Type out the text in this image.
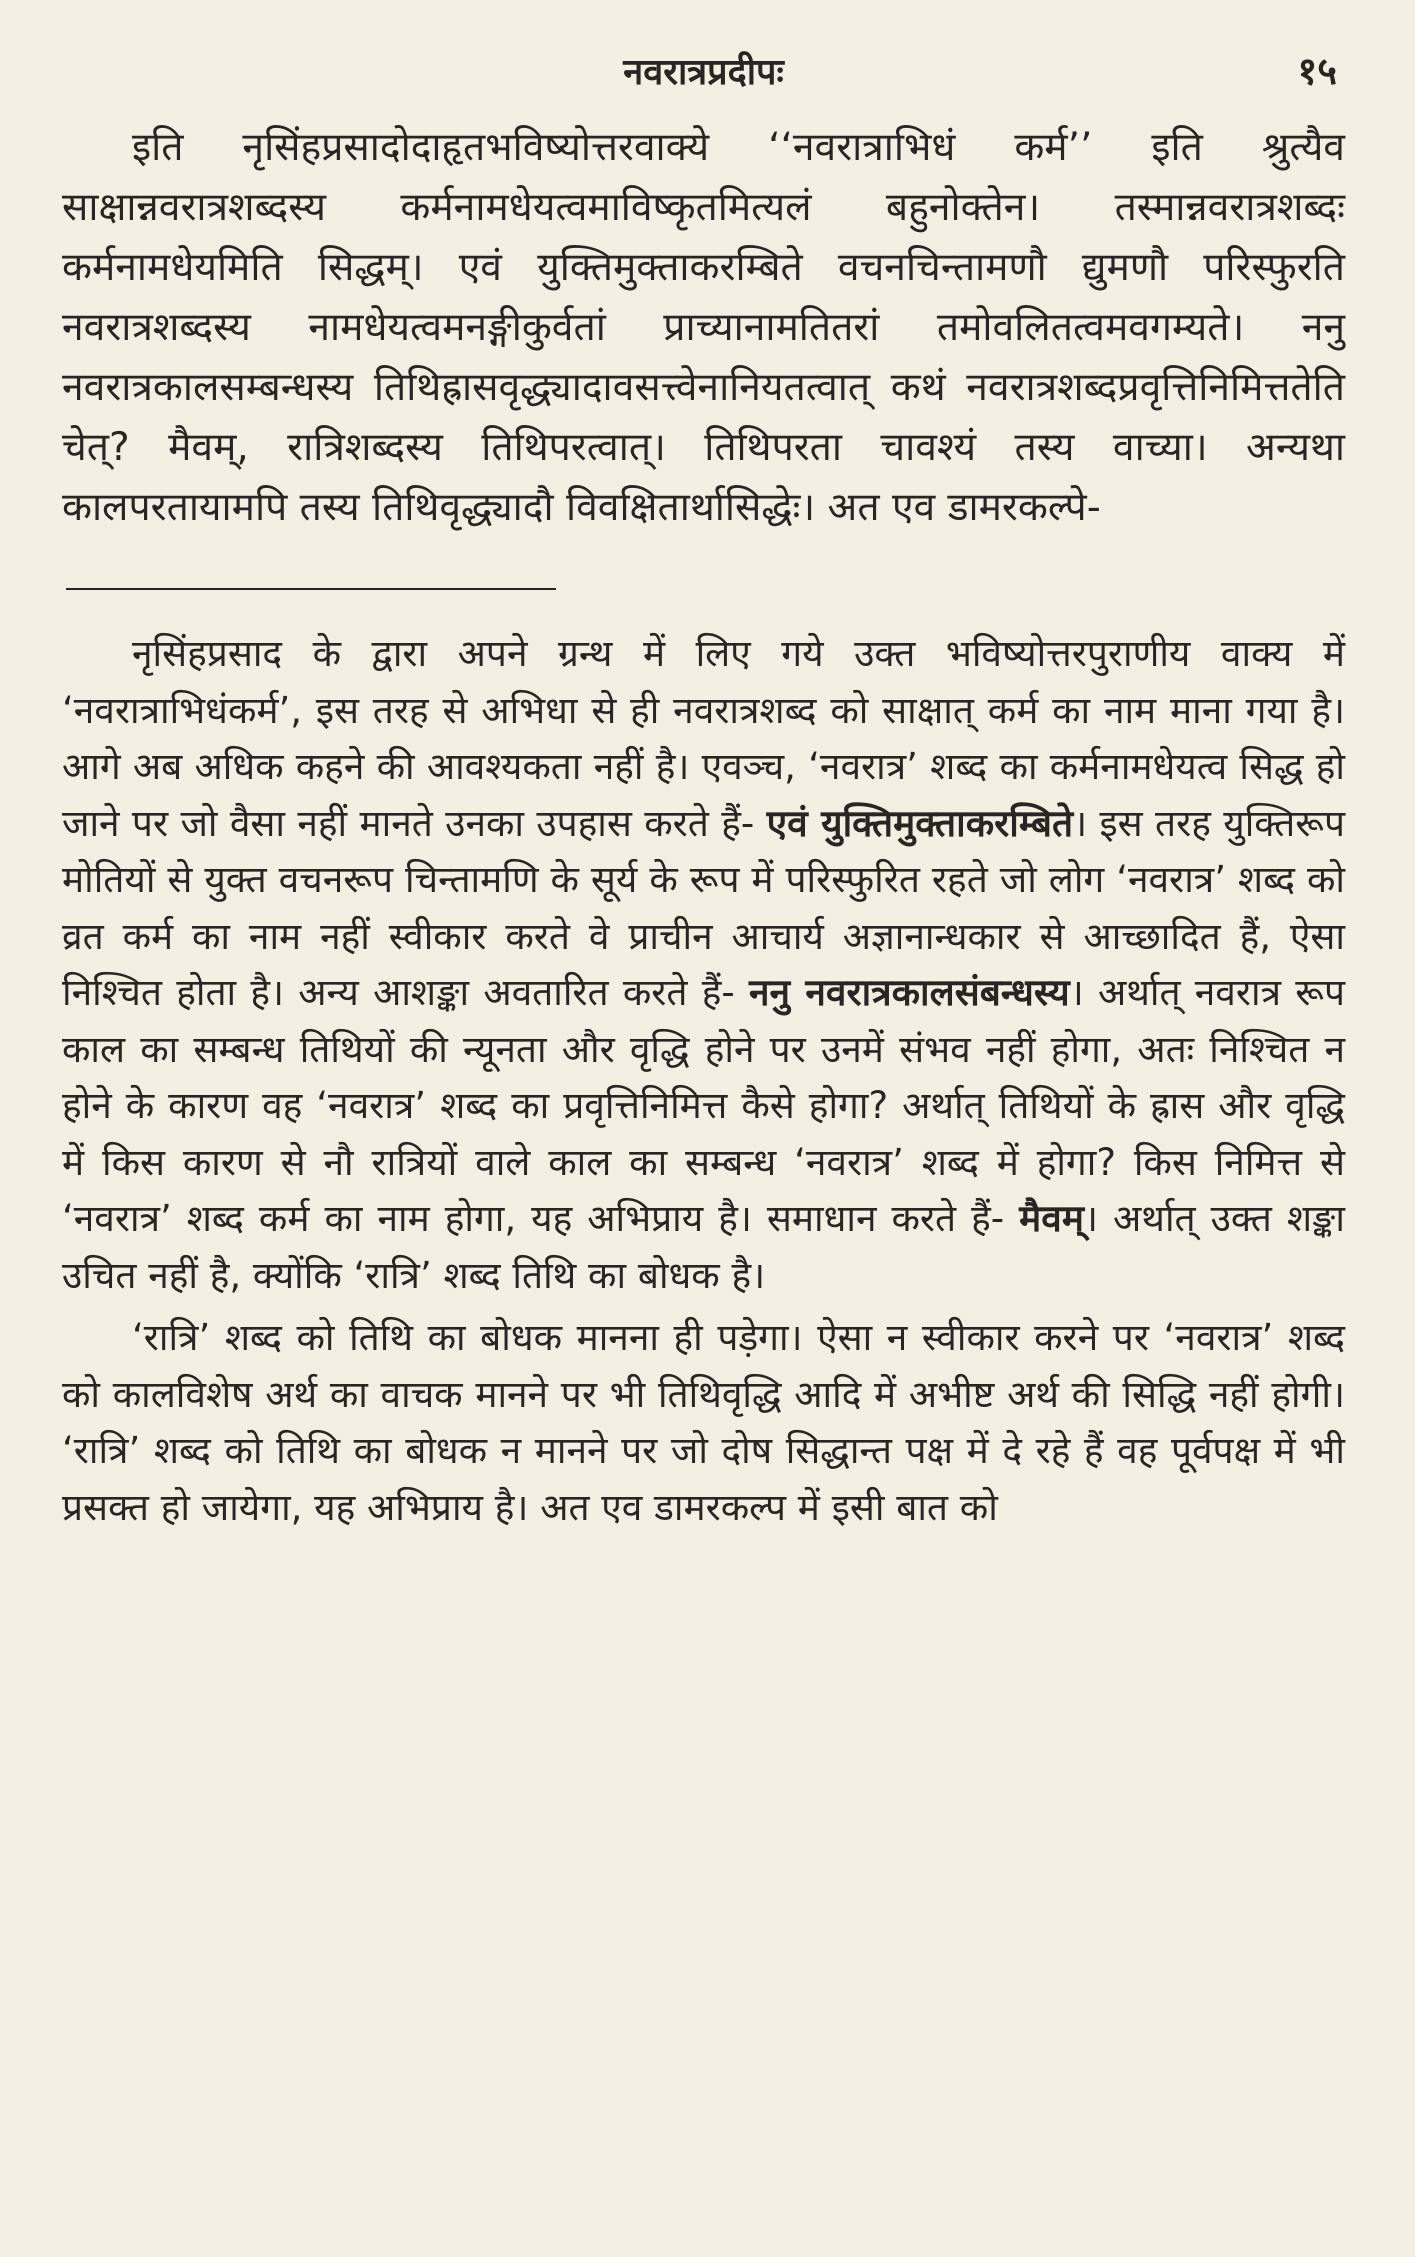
नवरात्रप्रदीपः	१५

इति नृसिंहप्रसादोदाहृतभविष्योत्तरवाक्ये ‘‘नवरात्राभिधं कर्म’’ इति श्रुत्यैव साक्षान्नवरात्रशब्दस्य कर्मनामधेयत्वमाविष्कृतमित्यलं बहुनोक्तेन। तस्मान्नवरात्रशब्दः कर्मनामधेयमिति सिद्धम्। एवं युक्तिमुक्ताकरम्बिते वचनचिन्तामणौ द्युमणौ परिस्फुरति नवरात्रशब्दस्य नामधेयत्वमनङ्गीकुर्वतां प्राच्यानामतितरां तमोवलितत्वमवगम्यते। ननु नवरात्रकालसम्बन्धस्य तिथिह्रासवृद्ध्यादावसत्त्वेनानियतत्वात् कथं नवरात्रशब्दप्रवृत्तिनिमित्ततेति चेत्? मैवम्, रात्रिशब्दस्य तिथिपरत्वात्। तिथिपरता चावश्यं तस्य वाच्या। अन्यथा कालपरतायामपि तस्य तिथिवृद्ध्यादौ विवक्षितार्थासिद्धेः। अत एव डामरकल्पे-

नृसिंहप्रसाद के द्वारा अपने ग्रन्थ में लिए गये उक्त भविष्योत्तरपुराणीय वाक्य में ‘नवरात्राभिधंकर्म’, इस तरह से अभिधा से ही नवरात्रशब्द को साक्षात् कर्म का नाम माना गया है। आगे अब अधिक कहने की आवश्यकता नहीं है। एवञ्च, ‘नवरात्र’ शब्द का कर्मनामधेयत्व सिद्ध हो जाने पर जो वैसा नहीं मानते उनका उपहास करते हैं- एवं युक्तिमुक्ताकरम्बिते। इस तरह युक्तिरूप मोतियों से युक्त वचनरूप चिन्तामणि के सूर्य के रूप में परिस्फुरित रहते जो लोग ‘नवरात्र’ शब्द को व्रत कर्म का नाम नहीं स्वीकार करते वे प्राचीन आचार्य अज्ञानान्धकार से आच्छादित हैं, ऐसा निश्चित होता है। अन्य आशङ्का अवतारित करते हैं- ननु नवरात्रकालसंबन्धस्य। अर्थात् नवरात्र रूप काल का सम्बन्ध तिथियों की न्यूनता और वृद्धि होने पर उनमें संभव नहीं होगा, अतः निश्चित न होने के कारण वह ‘नवरात्र’ शब्द का प्रवृत्तिनिमित्त कैसे होगा? अर्थात् तिथियों के ह्रास और वृद्धि में किस कारण से नौ रात्रियों वाले काल का सम्बन्ध ‘नवरात्र’ शब्द में होगा? किस निमित्त से ‘नवरात्र’ शब्द कर्म का नाम होगा, यह अभिप्राय है। समाधान करते हैं- मैवम्। अर्थात् उक्त शङ्का उचित नहीं है, क्योंकि ‘रात्रि’ शब्द तिथि का बोधक है।

‘रात्रि’ शब्द को तिथि का बोधक मानना ही पड़ेगा। ऐसा न स्वीकार करने पर ‘नवरात्र’ शब्द को कालविशेष अर्थ का वाचक मानने पर भी तिथिवृद्धि आदि में अभीष्ट अर्थ की सिद्धि नहीं होगी। ‘रात्रि’ शब्द को तिथि का बोधक न मानने पर जो दोष सिद्धान्त पक्ष में दे रहे हैं वह पूर्वपक्ष में भी प्रसक्त हो जायेगा, यह अभिप्राय है। अत एव डामरकल्प में इसी बात को
